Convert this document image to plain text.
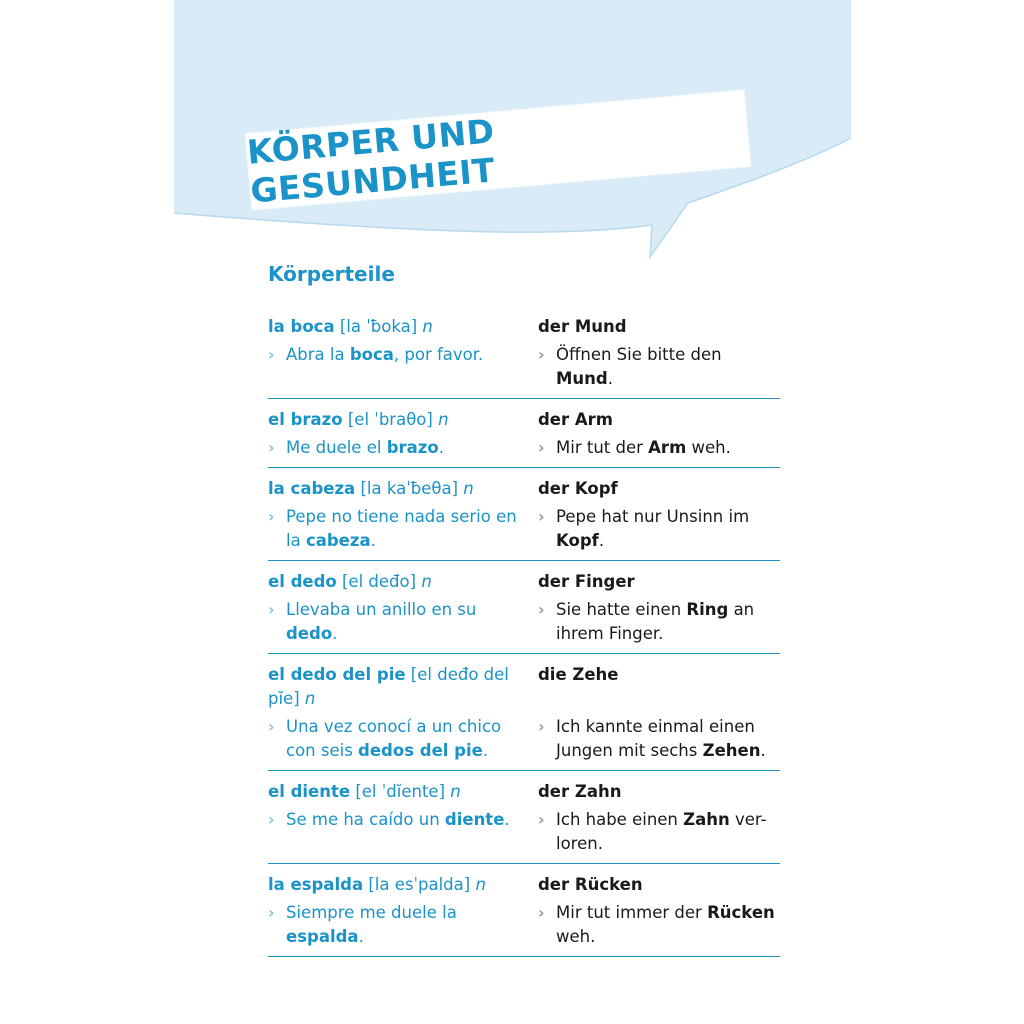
KÖRPER UND GESUNDHEIT
Körperteile
la boca [la ˈƀoka] n
› Abra la boca, por favor.
der Mund
› Öffnen Sie bitte den Mund.
el brazo [el ˈbraθo] n
› Me duele el brazo.
der Arm
› Mir tut der Arm weh.
la cabeza [la kaˈƀeθa] n
› Pepe no tiene nada serio en la cabeza.
der Kopf
› Pepe hat nur Unsinn im Kopf.
el dedo [el deđo] n
› Llevaba un anillo en su dedo.
der Finger
› Sie hatte einen Ring an ihrem Finger.
el dedo del pie [el deđo del pĭe] n
› Una vez conocí a un chico con seis dedos del pie.
die Zehe
› Ich kannte einmal einen Jungen mit sechs Zehen.
el diente [el ˈdĭente] n
› Se me ha caído un diente.
der Zahn
› Ich habe einen Zahn ver-loren.
la espalda [la esˈpalda] n
› Siempre me duele la espalda.
der Rücken
› Mir tut immer der Rücken weh.
